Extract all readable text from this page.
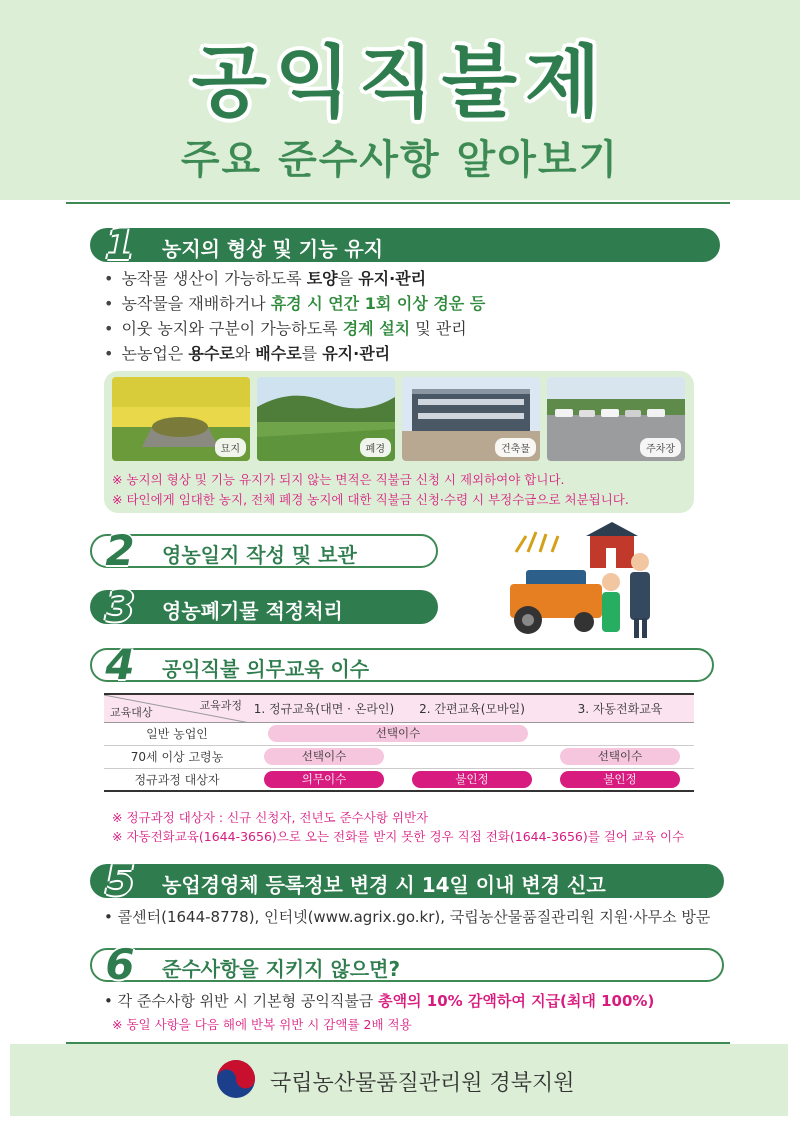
공익직불제
주요 준수사항 알아보기
1	농지의 형상 및 기능 유지
• 농작물 생산이 가능하도록 토양을 유지·관리
• 농작물을 재배하거나 휴경 시 연간 1회 이상 경운 등
• 이웃 농지와 구분이 가능하도록 경계 설치 및 관리
• 논농업은 용수로와 배수로를 유지·관리
묘지	폐경	건축물	주차장
※ 농지의 형상 및 기능 유지가 되지 않는 면적은 직불금 신청 시 제외하여야 합니다.
※ 타인에게 임대한 농지, 전체 폐경 농지에 대한 직불금 신청·수령 시 부정수급으로 처분됩니다.
2	영농일지 작성 및 보관
3	영농폐기물 적정처리
4	공익직불 의무교육 이수
교육과정
교육대상	1. 정규교육(대면 · 온라인)	2. 간편교육(모바일)	3. 자동전화교육
일반 농업인	선택이수		
70세 이상 고령농	선택이수		선택이수
정규과정 대상자	의무이수	불인정	불인정
※ 정규과정 대상자 : 신규 신청자, 전년도 준수사항 위반자
※ 자동전화교육(1644-3656)으로 오는 전화를 받지 못한 경우 직접 전화(1644-3656)를 걸어 교육 이수
5	농업경영체 등록정보 변경 시 14일 이내 변경 신고
• 콜센터(1644-8778), 인터넷(www.agrix.go.kr), 국립농산물품질관리원 지원·사무소 방문
6	준수사항을 지키지 않으면?
• 각 준수사항 위반 시 기본형 공익직불금 총액의 10% 감액하여 지급(최대 100%)
※ 동일 사항을 다음 해에 반복 위반 시 감액률 2배 적용
국립농산물품질관리원 경북지원
